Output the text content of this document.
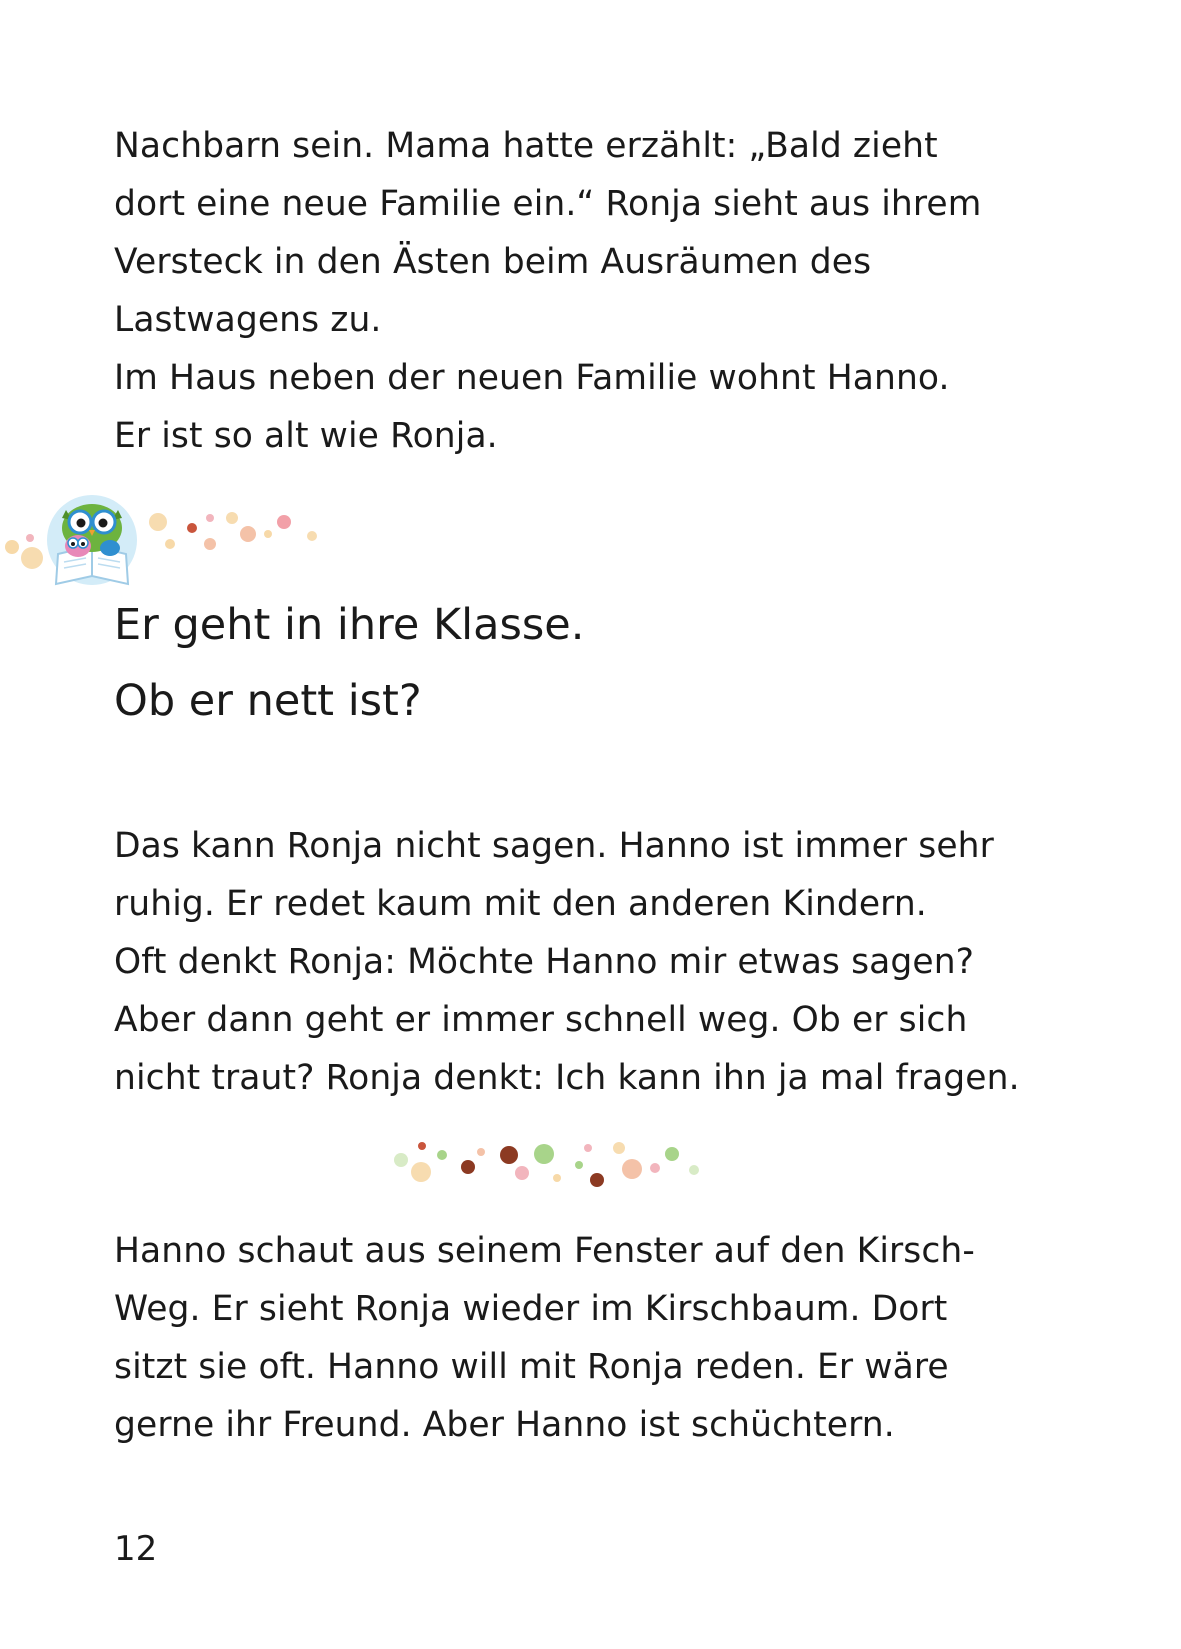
Nachbarn sein. Mama hatte erzählt: „Bald zieht
dort eine neue Familie ein.“ Ronja sieht aus ihrem
Versteck in den Ästen beim Ausräumen des
Lastwagens zu.
Im Haus neben der neuen Familie wohnt Hanno.
Er ist so alt wie Ronja.
Er geht in ihre Klasse.
Ob er nett ist?
Das kann Ronja nicht sagen. Hanno ist immer sehr
ruhig. Er redet kaum mit den anderen Kindern.
Oft denkt Ronja: Möchte Hanno mir etwas sagen?
Aber dann geht er immer schnell weg. Ob er sich
nicht traut? Ronja denkt: Ich kann ihn ja mal fragen.
Hanno schaut aus seinem Fenster auf den Kirsch-
Weg. Er sieht Ronja wieder im Kirschbaum. Dort
sitzt sie oft. Hanno will mit Ronja reden. Er wäre
gerne ihr Freund. Aber Hanno ist schüchtern.
12
